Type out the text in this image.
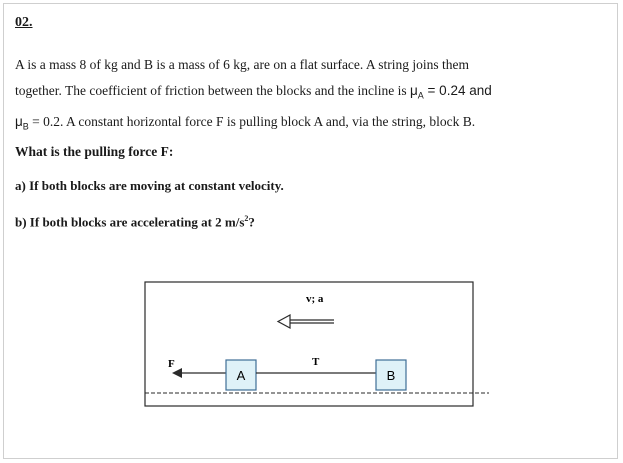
02.
A is a mass 8 of kg and B is a mass of 6 kg, are on a flat surface. A string joins them
together. The coefficient of friction between the blocks and the incline is $\mu_A = 0.24$ and
$\mu_B = 0.2$. A constant horizontal force F is pulling block A and, via the string, block B.
What is the pulling force F:
a) If both blocks are moving at constant velocity.
b) If both blocks are accelerating at 2 $m/s^2$?
v; a
F
A
T
B
